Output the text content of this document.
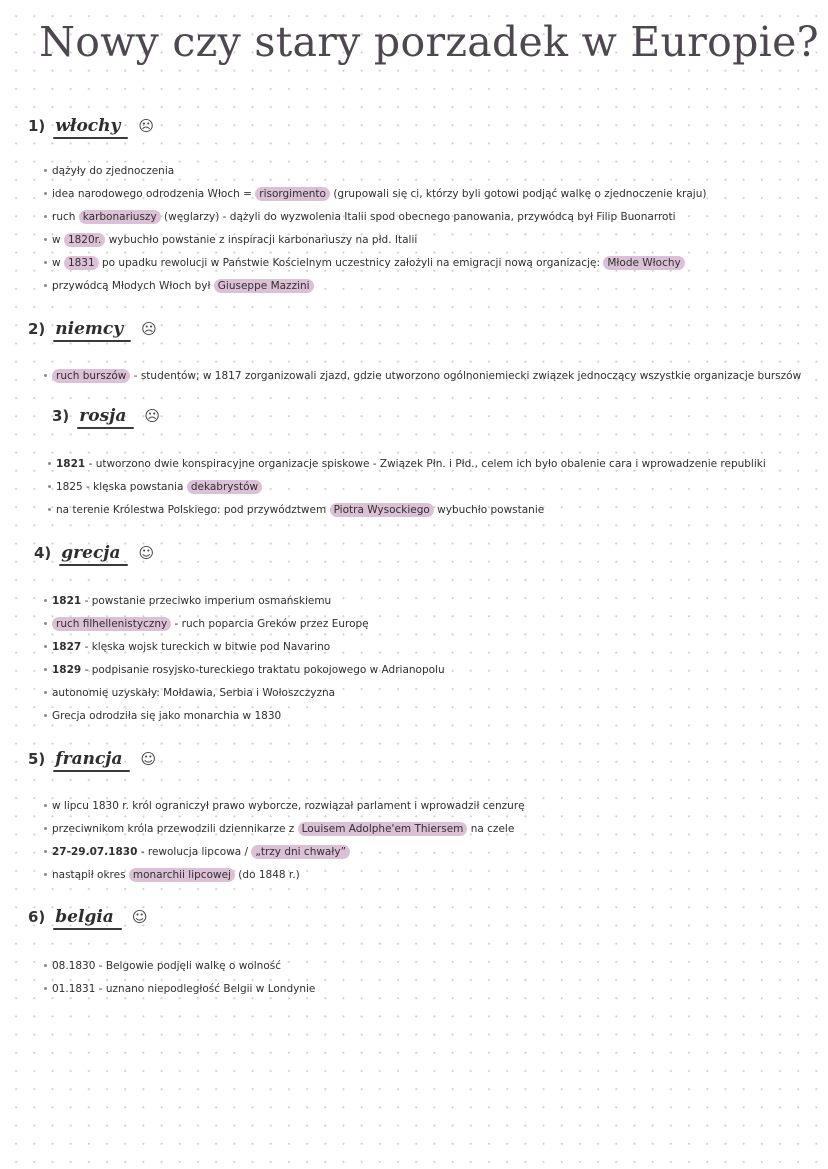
Nowy czy stary porzadek w Europie?
1) włochy ☹
dążyły do zjednoczenia
idea narodowego odrodzenia Włoch = risorgimento (grupowali się ci, którzy byli gotowi podjąć walkę o zjednoczenie kraju)
ruch karbonariuszy (węglarzy) - dążyli do wyzwolenia Italii spod obecnego panowania, przywódcą był Filip Buonarroti
w 1820r. wybuchło powstanie z inspiracji karbonariuszy na płd. Italii
w 1831 po upadku rewolucji w Państwie Kościelnym uczestnicy założyli na emigracji nową organizację: Młode Włochy
przywódcą Młodych Włoch był Giuseppe Mazzini
2) niemcy ☹
ruch burszów - studentów; w 1817 zorganizowali zjazd, gdzie utworzono ogólnoniemiecki związek jednoczący wszystkie organizacje burszów
3) rosja ☹
1821 - utworzono dwie konspiracyjne organizacje spiskowe - Związek Płn. i Płd., celem ich było obalenie cara i wprowadzenie republiki
1825 - klęska powstania dekabrystów
na terenie Królestwa Polskiego: pod przywództwem Piotra Wysockiego wybuchło powstanie
4) grecja ☺
1821 - powstanie przeciwko imperium osmańskiemu
ruch filhellenistyczny - ruch poparcia Greków przez Europę
1827 - klęska wojsk tureckich w bitwie pod Navarino
1829 - podpisanie rosyjsko-tureckiego traktatu pokojowego w Adrianopolu
autonomię uzyskały: Mołdawia, Serbia i Wołoszczyzna
Grecja odrodziła się jako monarchia w 1830
5) francja ☺
w lipcu 1830 r. król ograniczył prawo wyborcze, rozwiązał parlament i wprowadził cenzurę
przeciwnikom króla przewodzili dziennikarze z Louisem Adolphe'em Thiersem na czele
27-29.07.1830 - rewolucja lipcowa / „trzy dni chwały”
nastąpił okres monarchii lipcowej (do 1848 r.)
6) belgia ☺
08.1830 - Belgowie podjęli walkę o wolność
01.1831 - uznano niepodległość Belgii w Londynie
